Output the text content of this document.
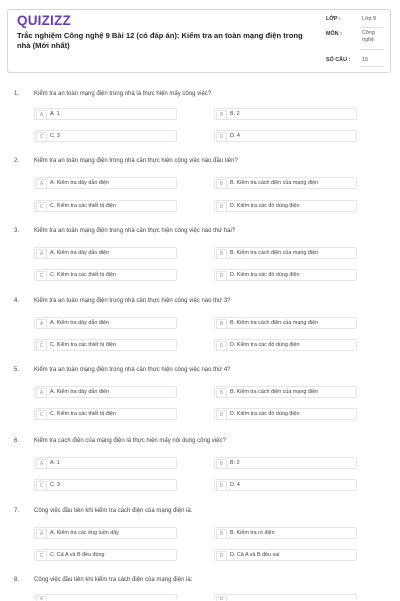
QUIZIZZ
Trắc nghiệm Công nghệ 9 Bài 12 (có đáp án): Kiểm tra an toàn mạng điện trong nhà (Mới nhất)
LỚP :	Lớp 9
MÔN :	Công nghệ
SỐ CÂU : 15
1. Kiểm tra an toàn mạng điện trong nhà là thực hiện mấy công việc?
A	A. 1	B	B. 2
C	C. 3	D	D. 4
2. Kiểm tra an toàn mạng điện trong nhà cần thực hiện công việc nào đầu tiên?
A	A. Kiểm tra dây dẫn điện	B	B. Kiểm tra cách điện của mạng điện
C	C. Kiểm tra các thiết bị điện	D	D. Kiểm tra các đồ dùng điện
3. Kiểm tra an toàn mạng điện trong nhà cần thực hiện công việc nào thứ hai?
A	A. Kiểm tra dây dẫn điện	B	B. Kiểm tra cách điện của mạng điện
C	C. Kiểm tra các thiết bị điện	D	D. Kiểm tra các đồ dùng điện
4. Kiểm tra an toàn mạng điện trong nhà cần thực hiện công việc nào thứ 3?
A	A. Kiểm tra dây dẫn điện	B	B. Kiểm tra cách điện của mạng điện
C	C. Kiểm tra các thiết bị điện	D	D. Kiểm tra các đồ dùng điện
5. Kiểm tra an toàn mạng điện trong nhà cần thực hiện công việc nào thứ 4?
A	A. Kiểm tra dây dẫn điện	B	B. Kiểm tra cách điện của mạng điện
C	C. Kiểm tra các thiết bị điện	D	D. Kiểm tra các đồ dùng điện
6. Kiểm tra cách điện của mạng điện là thực hiện mấy nội dung công việc?
A	A. 1	B	B. 2
C	C. 3	D	D. 4
7. Công việc đầu tiên khi kiểm tra cách điện của mạng điện là:
A	A. Kiểm tra các ống luồn dây	B	B. Kiểm tra rò điện
C	C. Cả A và B đều đúng	D	D. Cả A và B đều sai
8. Công việc đầu tiên khi kiểm tra cách điện của mạng điện là:
A	B
